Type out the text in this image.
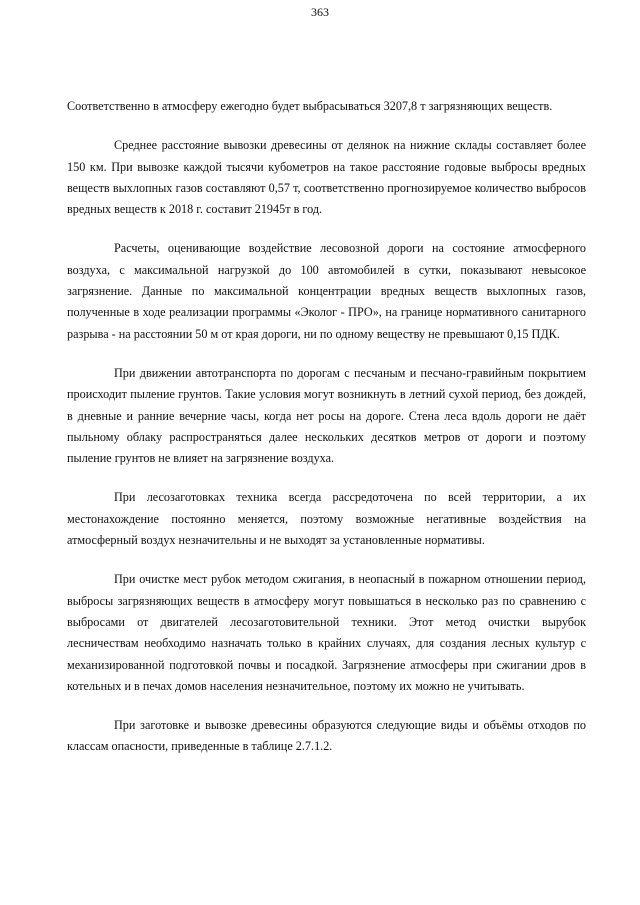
363

Соответственно в атмосферу ежегодно будет выбрасываться 3207,8 т загрязняющих веществ.

Среднее расстояние вывозки древесины от делянок на нижние склады составляет более 150 км. При вывозке каждой тысячи кубометров на такое расстояние годовые выбросы вредных веществ выхлопных газов составляют 0,57 т, соответственно прогнозируемое количество выбросов вредных веществ к 2018 г. составит 21945т в год.

Расчеты, оценивающие воздействие лесовозной дороги на состояние атмосферного воздуха, с максимальной нагрузкой до 100 автомобилей в сутки, показывают невысокое загрязнение. Данные по максимальной концентрации вредных веществ выхлопных газов, полученные в ходе реализации программы «Эколог - ПРО», на границе нормативного санитарного разрыва - на расстоянии 50 м от края дороги, ни по одному веществу не превышают 0,15 ПДК.

При движении автотранспорта по дорогам с песчаным и песчано-гравийным покрытием происходит пыление грунтов. Такие условия могут возникнуть в летний сухой период, без дождей, в дневные и ранние вечерние часы, когда нет росы на дороге. Стена леса вдоль дороги не даёт пыльному облаку распространяться далее нескольких десятков метров от дороги и поэтому пыление грунтов не влияет на загрязнение воздуха.

При лесозаготовках техника всегда рассредоточена по всей территории, а их местонахождение постоянно меняется, поэтому возможные негативные воздействия на атмосферный воздух незначительны и не выходят за установленные нормативы.

При очистке мест рубок методом сжигания, в неопасный в пожарном отношении период, выбросы загрязняющих веществ в атмосферу могут повышаться в несколько раз по сравнению с выбросами от двигателей лесозаготовительной техники. Этот метод очистки вырубок лесничествам необходимо назначать только в крайних случаях, для создания лесных культур с механизированной подготовкой почвы и посадкой. Загрязнение атмосферы при сжигании дров в котельных и в печах домов населения незначительное, поэтому их можно не учитывать.

При заготовке и вывозке древесины образуются следующие виды и объёмы отходов по классам опасности, приведенные в таблице 2.7.1.2.
